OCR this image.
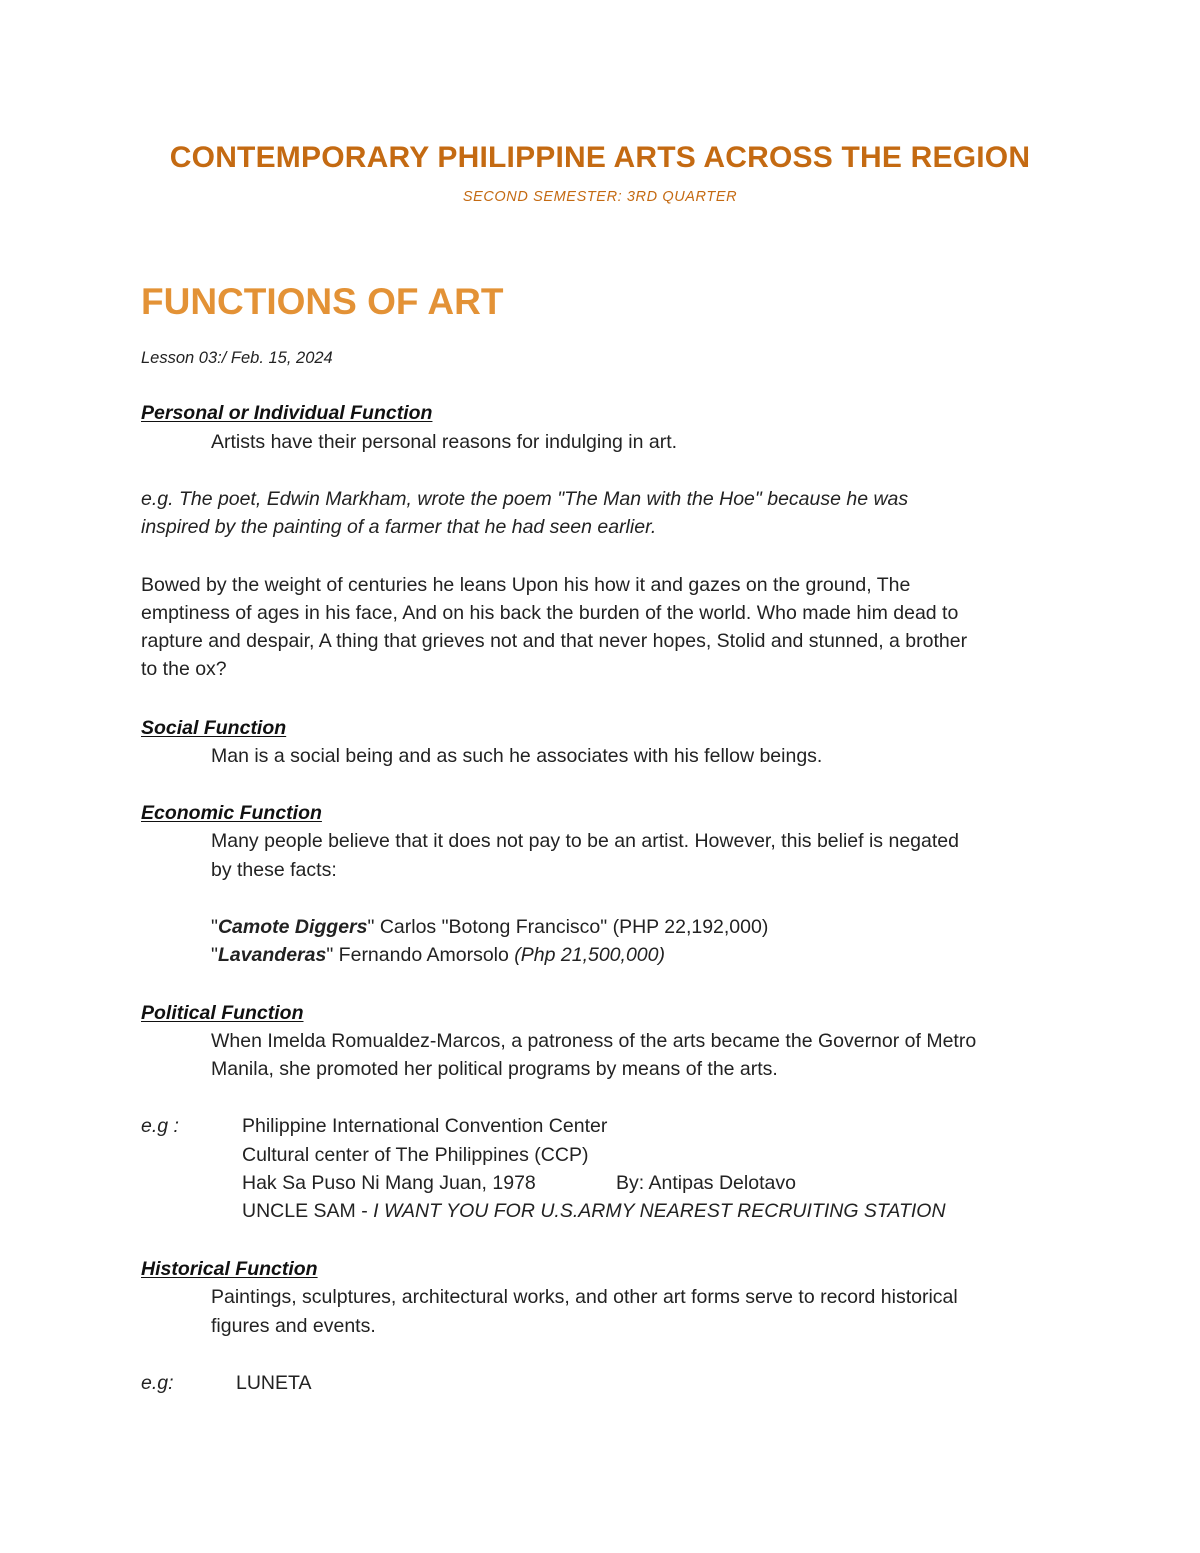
CONTEMPORARY PHILIPPINE ARTS ACROSS THE REGION
SECOND SEMESTER: 3RD QUARTER
FUNCTIONS OF ART
Lesson 03:/ Feb. 15, 2024
Personal or Individual Function
Artists have their personal reasons for indulging in art.
e.g. The poet, Edwin Markham, wrote the poem "The Man with the Hoe" because he was
inspired by the painting of a farmer that he had seen earlier.
Bowed by the weight of centuries he leans Upon his how it and gazes on the ground, The
emptiness of ages in his face, And on his back the burden of the world. Who made him dead to
rapture and despair, A thing that grieves not and that never hopes, Stolid and stunned, a brother
to the ox?
Social Function
Man is a social being and as such he associates with his fellow beings.
Economic Function
Many people believe that it does not pay to be an artist. However, this belief is negated
by these facts:
"Camote Diggers" Carlos "Botong Francisco" (PHP 22,192,000)
"Lavanderas" Fernando Amorsolo (Php 21,500,000)
Political Function
When Imelda Romualdez-Marcos, a patroness of the arts became the Governor of Metro
Manila, she promoted her political programs by means of the arts.
e.g :	Philippine International Convention Center
Cultural center of The Philippines (CCP)
Hak Sa Puso Ni Mang Juan, 1978	By: Antipas Delotavo
UNCLE SAM - I WANT YOU FOR U.S.ARMY NEAREST RECRUITING STATION
Historical Function
Paintings, sculptures, architectural works, and other art forms serve to record historical
figures and events.
e.g:	LUNETA
